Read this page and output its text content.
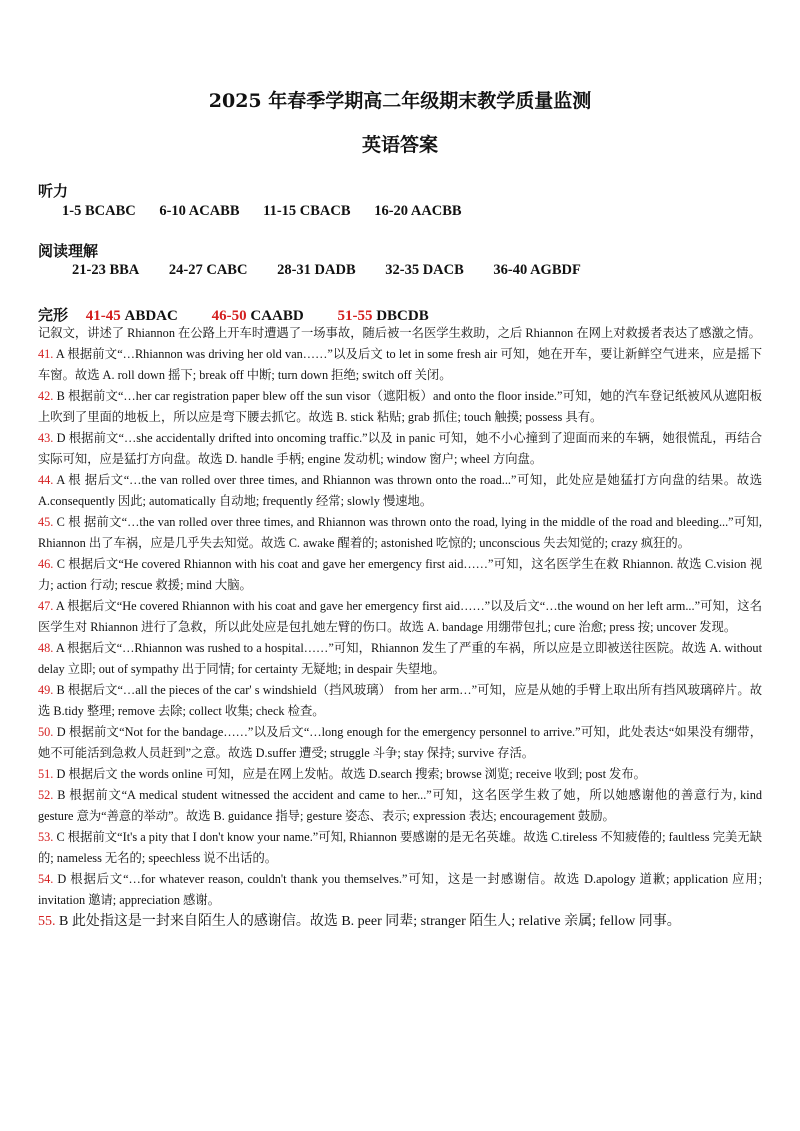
2025 年春季学期高二年级期末教学质量监测
英语答案
听力
1-5 BCABC 6-10 ACABB 11-15 CBACB 16-20 AACBB
阅读理解
21-23 BBA 24-27 CABC 28-31 DADB 32-35 DACB 36-40 AGBDF
完形 41-45 ABDAC 46-50 CAABD 51-55 DBCDB

记叙文，讲述了 Rhiannon 在公路上开车时遭遇了一场事故，随后被一名医学生救助，之后 Rhiannon 在网上对救援者表达了感激之情。

41. A 根据前文“…Rhiannon was driving her old van……”以及后文 to let in some fresh air 可知，她在开车，要让新鲜空气进来，应是摇下车窗。故选 A. roll down 摇下; break off 中断; turn down 拒绝; switch off 关闭。

42. B 根据前文“…her car registration paper blew off the sun visor（遮阳板）and onto the floor inside.”可知，她的汽车登记纸被风从遮阳板上吹到了里面的地板上，所以应是弯下腰去抓它。故选 B. stick 粘贴; grab 抓住; touch 触摸; possess 具有。

43. D 根据前文“…she accidentally drifted into oncoming traffic.”以及 in panic 可知，她不小心撞到了迎面而来的车辆，她很慌乱，再结合实际可知，应是猛打方向盘。故选 D. handle 手柄; engine 发动机; window 窗户; wheel 方向盘。

44. A 根 据后文“…the van rolled over three times, and Rhiannon was thrown onto the road...”可知，此处应是她猛打方向盘的结果。故选 A.consequently 因此; automatically 自动地; frequently 经常; slowly 慢速地。

45. C 根 据前文“…the van rolled over three times, and Rhiannon was thrown onto the road, lying in the middle of the road and bleeding...”可知, Rhiannon 出了车祸，应是几乎失去知觉。故选 C. awake 醒着的; astonished 吃惊的; unconscious 失去知觉的; crazy 疯狂的。

46. C 根据后文“He covered Rhiannon with his coat and gave her emergency first aid……”可知，这名医学生在救 Rhiannon. 故选 C.vision 视力; action 行动; rescue 救援; mind 大脑。

47. A 根据后文“He covered Rhiannon with his coat and gave her emergency first aid……”以及后文“…the wound on her left arm...”可知，这名医学生对 Rhiannon 进行了急救，所以此处应是包扎她左臂的伤口。故选 A. bandage 用绷带包扎; cure 治愈; press 按; uncover 发现。

48. A 根据后文“…Rhiannon was rushed to a hospital……”可知，Rhiannon 发生了严重的车祸，所以应是立即被送往医院。故选 A. without delay 立即; out of sympathy 出于同情; for certainty 无疑地; in despair 失望地。

49. B 根据后文“…all the pieces of the car' s windshield（挡风玻璃） from her arm…”可知，应是从她的手臂上取出所有挡风玻璃碎片。故选 B.tidy 整理; remove 去除; collect 收集; check 检查。

50. D 根据前文“Not for the bandage……”以及后文“…long enough for the emergency personnel to arrive.”可知，此处表达“如果没有绷带，她不可能活到急救人员赶到”之意。故选 D.suffer 遭受; struggle 斗争; stay 保持; survive 存活。

51. D 根据后文 the words online 可知，应是在网上发帖。故选 D.search 搜索; browse 浏览; receive 收到; post 发布。

52. B 根据前文“A medical student witnessed the accident and came to her...”可知，这名医学生救了她，所以她感谢他的善意行为, kind gesture 意为“善意的举动”。故选 B. guidance 指导; gesture 姿态、表示; expression 表达; encouragement 鼓励。

53. C 根据前文“It's a pity that I don't know your name.”可知, Rhiannon 要感谢的是无名英雄。故选 C.tireless 不知疲倦的; faultless 完美无缺的; nameless 无名的; speechless 说不出话的。

54. D 根据后文“…for whatever reason, couldn't thank you themselves.”可知，这是一封感谢信。故选 D.apology 道歉; application 应用; invitation 邀请; appreciation 感谢。

55. B 此处指这是一封来自陌生人的感谢信。故选 B. peer 同辈; stranger 陌生人; relative 亲属; fellow 同事。
